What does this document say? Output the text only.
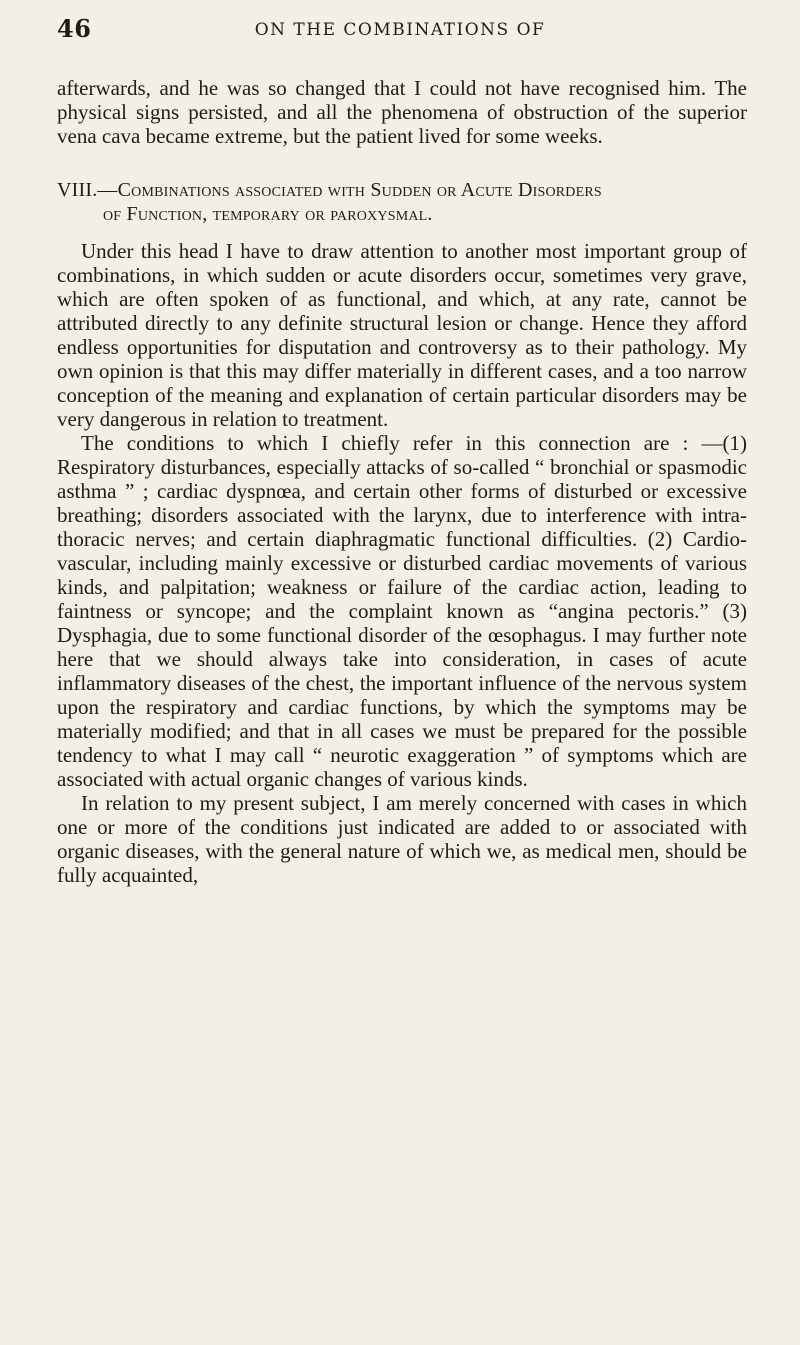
46	ON THE COMBINATIONS OF

afterwards, and he was so changed that I could not have recognised him. The physical signs persisted, and all the phenomena of obstruction of the superior vena cava became extreme, but the patient lived for some weeks.

VIII.—Combinations associated with Sudden or Acute Disorders
of Function, temporary or paroxysmal.

Under this head I have to draw attention to another most important group of combinations, in which sudden or acute disorders occur, sometimes very grave, which are often spoken of as functional, and which, at any rate, cannot be attributed directly to any definite structural lesion or change. Hence they afford endless opportunities for disputation and controversy as to their pathology. My own opinion is that this may differ materially in different cases, and a too narrow conception of the meaning and explanation of certain particular disorders may be very dangerous in relation to treatment.

The conditions to which I chiefly refer in this connection are : —(1) Respiratory disturbances, especially attacks of so-called “ bronchial or spasmodic asthma ” ; cardiac dyspnœa, and certain other forms of disturbed or excessive breathing; disorders associated with the larynx, due to interference with intra-thoracic nerves; and certain diaphragmatic functional difficulties. (2) Cardio-vascular, including mainly excessive or disturbed cardiac movements of various kinds, and palpitation; weakness or failure of the cardiac action, leading to faintness or syncope; and the complaint known as “angina pectoris.” (3) Dysphagia, due to some functional disorder of the œsophagus. I may further note here that we should always take into consideration, in cases of acute inflammatory diseases of the chest, the important influence of the nervous system upon the respiratory and cardiac functions, by which the symptoms may be materially modified; and that in all cases we must be prepared for the possible tendency to what I may call “ neurotic exaggeration ” of symptoms which are associated with actual organic changes of various kinds.

In relation to my present subject, I am merely concerned with cases in which one or more of the conditions just indicated are added to or associated with organic diseases, with the general nature of which we, as medical men, should be fully acquainted,
